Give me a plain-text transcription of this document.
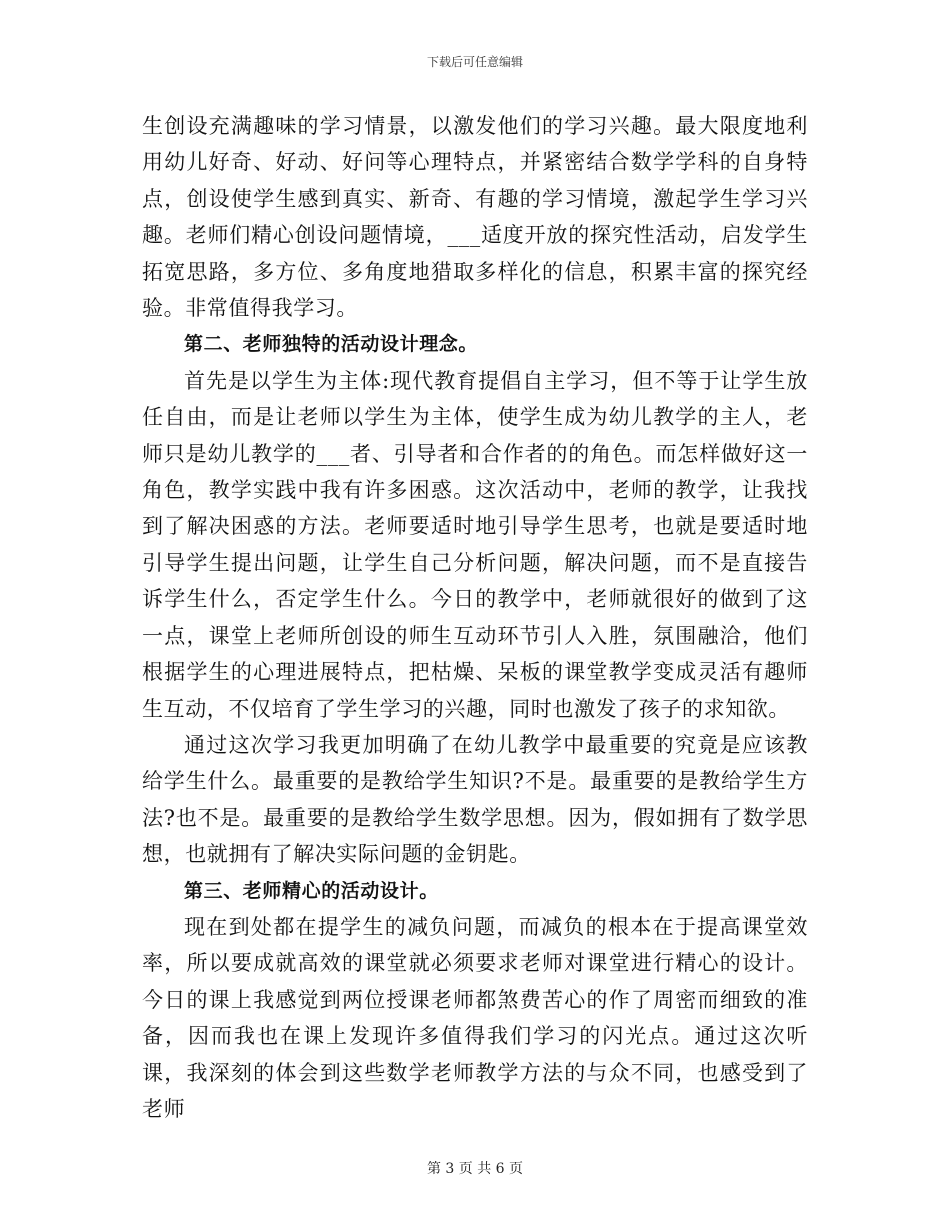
下载后可任意编辑

生创设充满趣味的学习情景，以激发他们的学习兴趣。最大限度地利用幼儿好奇、好动、好问等心理特点，并紧密结合数学学科的自身特点，创设使学生感到真实、新奇、有趣的学习情境，激起学生学习兴趣。老师们精心创设问题情境，___适度开放的探究性活动，启发学生拓宽思路，多方位、多角度地猎取多样化的信息，积累丰富的探究经验。非常值得我学习。

第二、老师独特的活动设计理念。

首先是以学生为主体:现代教育提倡自主学习，但不等于让学生放任自由，而是让老师以学生为主体，使学生成为幼儿教学的主人，老师只是幼儿教学的___者、引导者和合作者的的角色。而怎样做好这一角色，教学实践中我有许多困惑。这次活动中，老师的教学，让我找到了解决困惑的方法。老师要适时地引导学生思考，也就是要适时地引导学生提出问题，让学生自己分析问题，解决问题，而不是直接告诉学生什么，否定学生什么。今日的教学中，老师就很好的做到了这一点，课堂上老师所创设的师生互动环节引人入胜，氛围融洽，他们根据学生的心理进展特点，把枯燥、呆板的课堂教学变成灵活有趣师生互动，不仅培育了学生学习的兴趣，同时也激发了孩子的求知欲。

通过这次学习我更加明确了在幼儿教学中最重要的究竟是应该教给学生什么。最重要的是教给学生知识?不是。最重要的是教给学生方法?也不是。最重要的是教给学生数学思想。因为，假如拥有了数学思想，也就拥有了解决实际问题的金钥匙。

第三、老师精心的活动设计。

现在到处都在提学生的减负问题，而减负的根本在于提高课堂效率，所以要成就高效的课堂就必须要求老师对课堂进行精心的设计。今日的课上我感觉到两位授课老师都煞费苦心的作了周密而细致的准备，因而我也在课上发现许多值得我们学习的闪光点。通过这次听课，我深刻的体会到这些数学老师教学方法的与众不同，也感受到了老师

第 3 页 共 6 页
